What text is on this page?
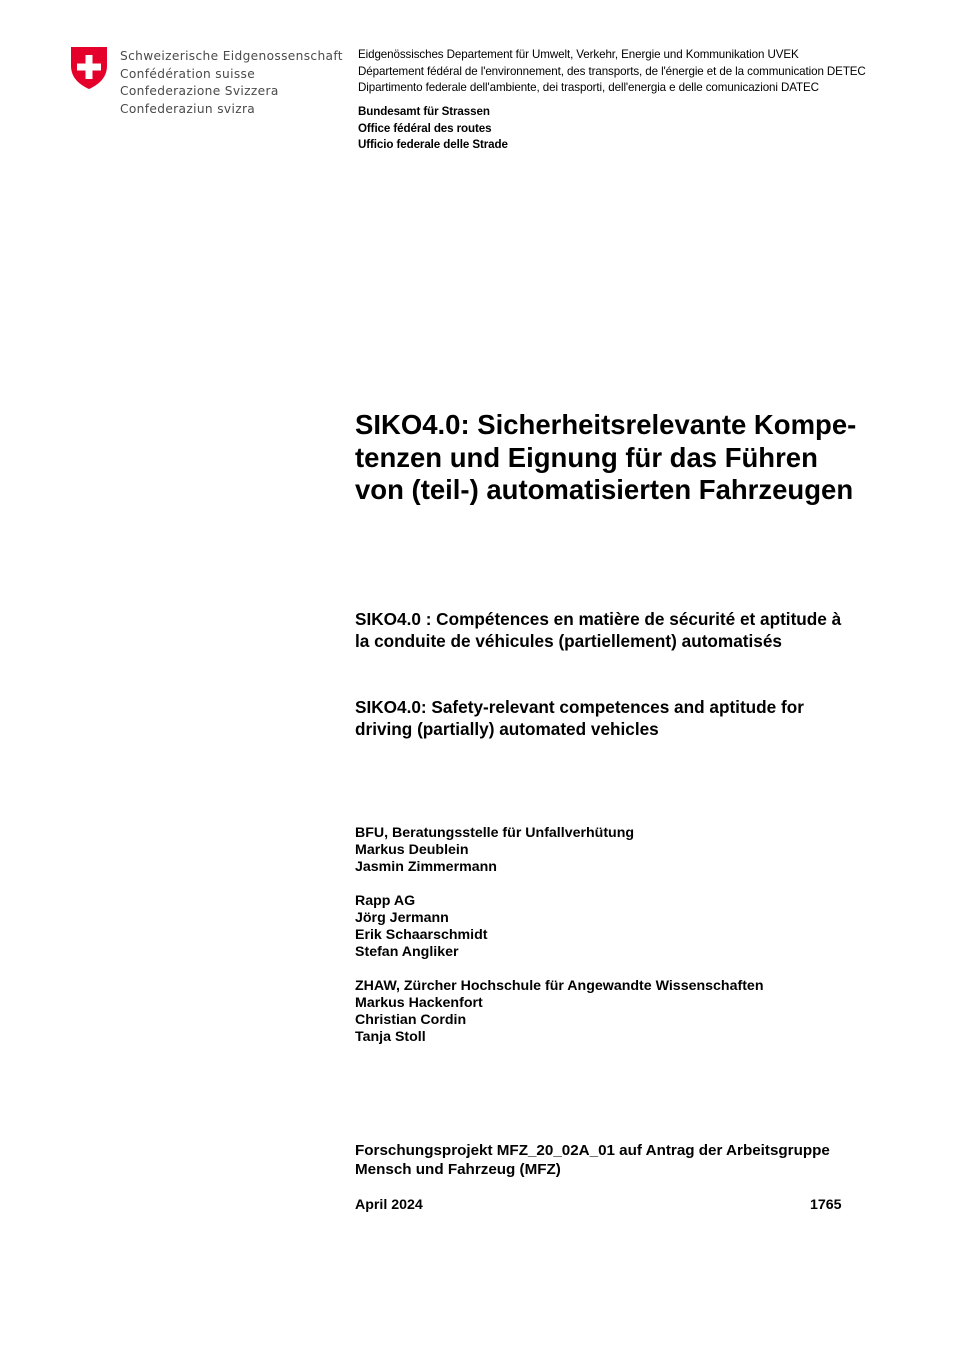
Schweizerische Eidgenossenschaft
Confédération suisse
Confederazione Svizzera
Confederaziun svizra
Eidgenössisches Departement für Umwelt, Verkehr, Energie und Kommunikation UVEK
Département fédéral de l'environnement, des transports, de l'énergie et de la communication DETEC
Dipartimento federale dell'ambiente, dei trasporti, dell'energia e delle comunicazioni DATEC
Bundesamt für Strassen
Office fédéral des routes
Ufficio federale delle Strade
SIKO4.0: Sicherheitsrelevante Kompe-
tenzen und Eignung für das Führen
von (teil-) automatisierten Fahrzeugen
SIKO4.0 : Compétences en matière de sécurité et aptitude à
la conduite de véhicules (partiellement) automatisés
SIKO4.0: Safety-relevant competences and aptitude for
driving (partially) automated vehicles
BFU, Beratungsstelle für Unfallverhütung
Markus Deublein
Jasmin Zimmermann
Rapp AG
Jörg Jermann
Erik Schaarschmidt
Stefan Angliker
ZHAW, Zürcher Hochschule für Angewandte Wissenschaften
Markus Hackenfort
Christian Cordin
Tanja Stoll
Forschungsprojekt MFZ_20_02A_01 auf Antrag der Arbeitsgruppe
Mensch und Fahrzeug (MFZ)
April 2024	1765
